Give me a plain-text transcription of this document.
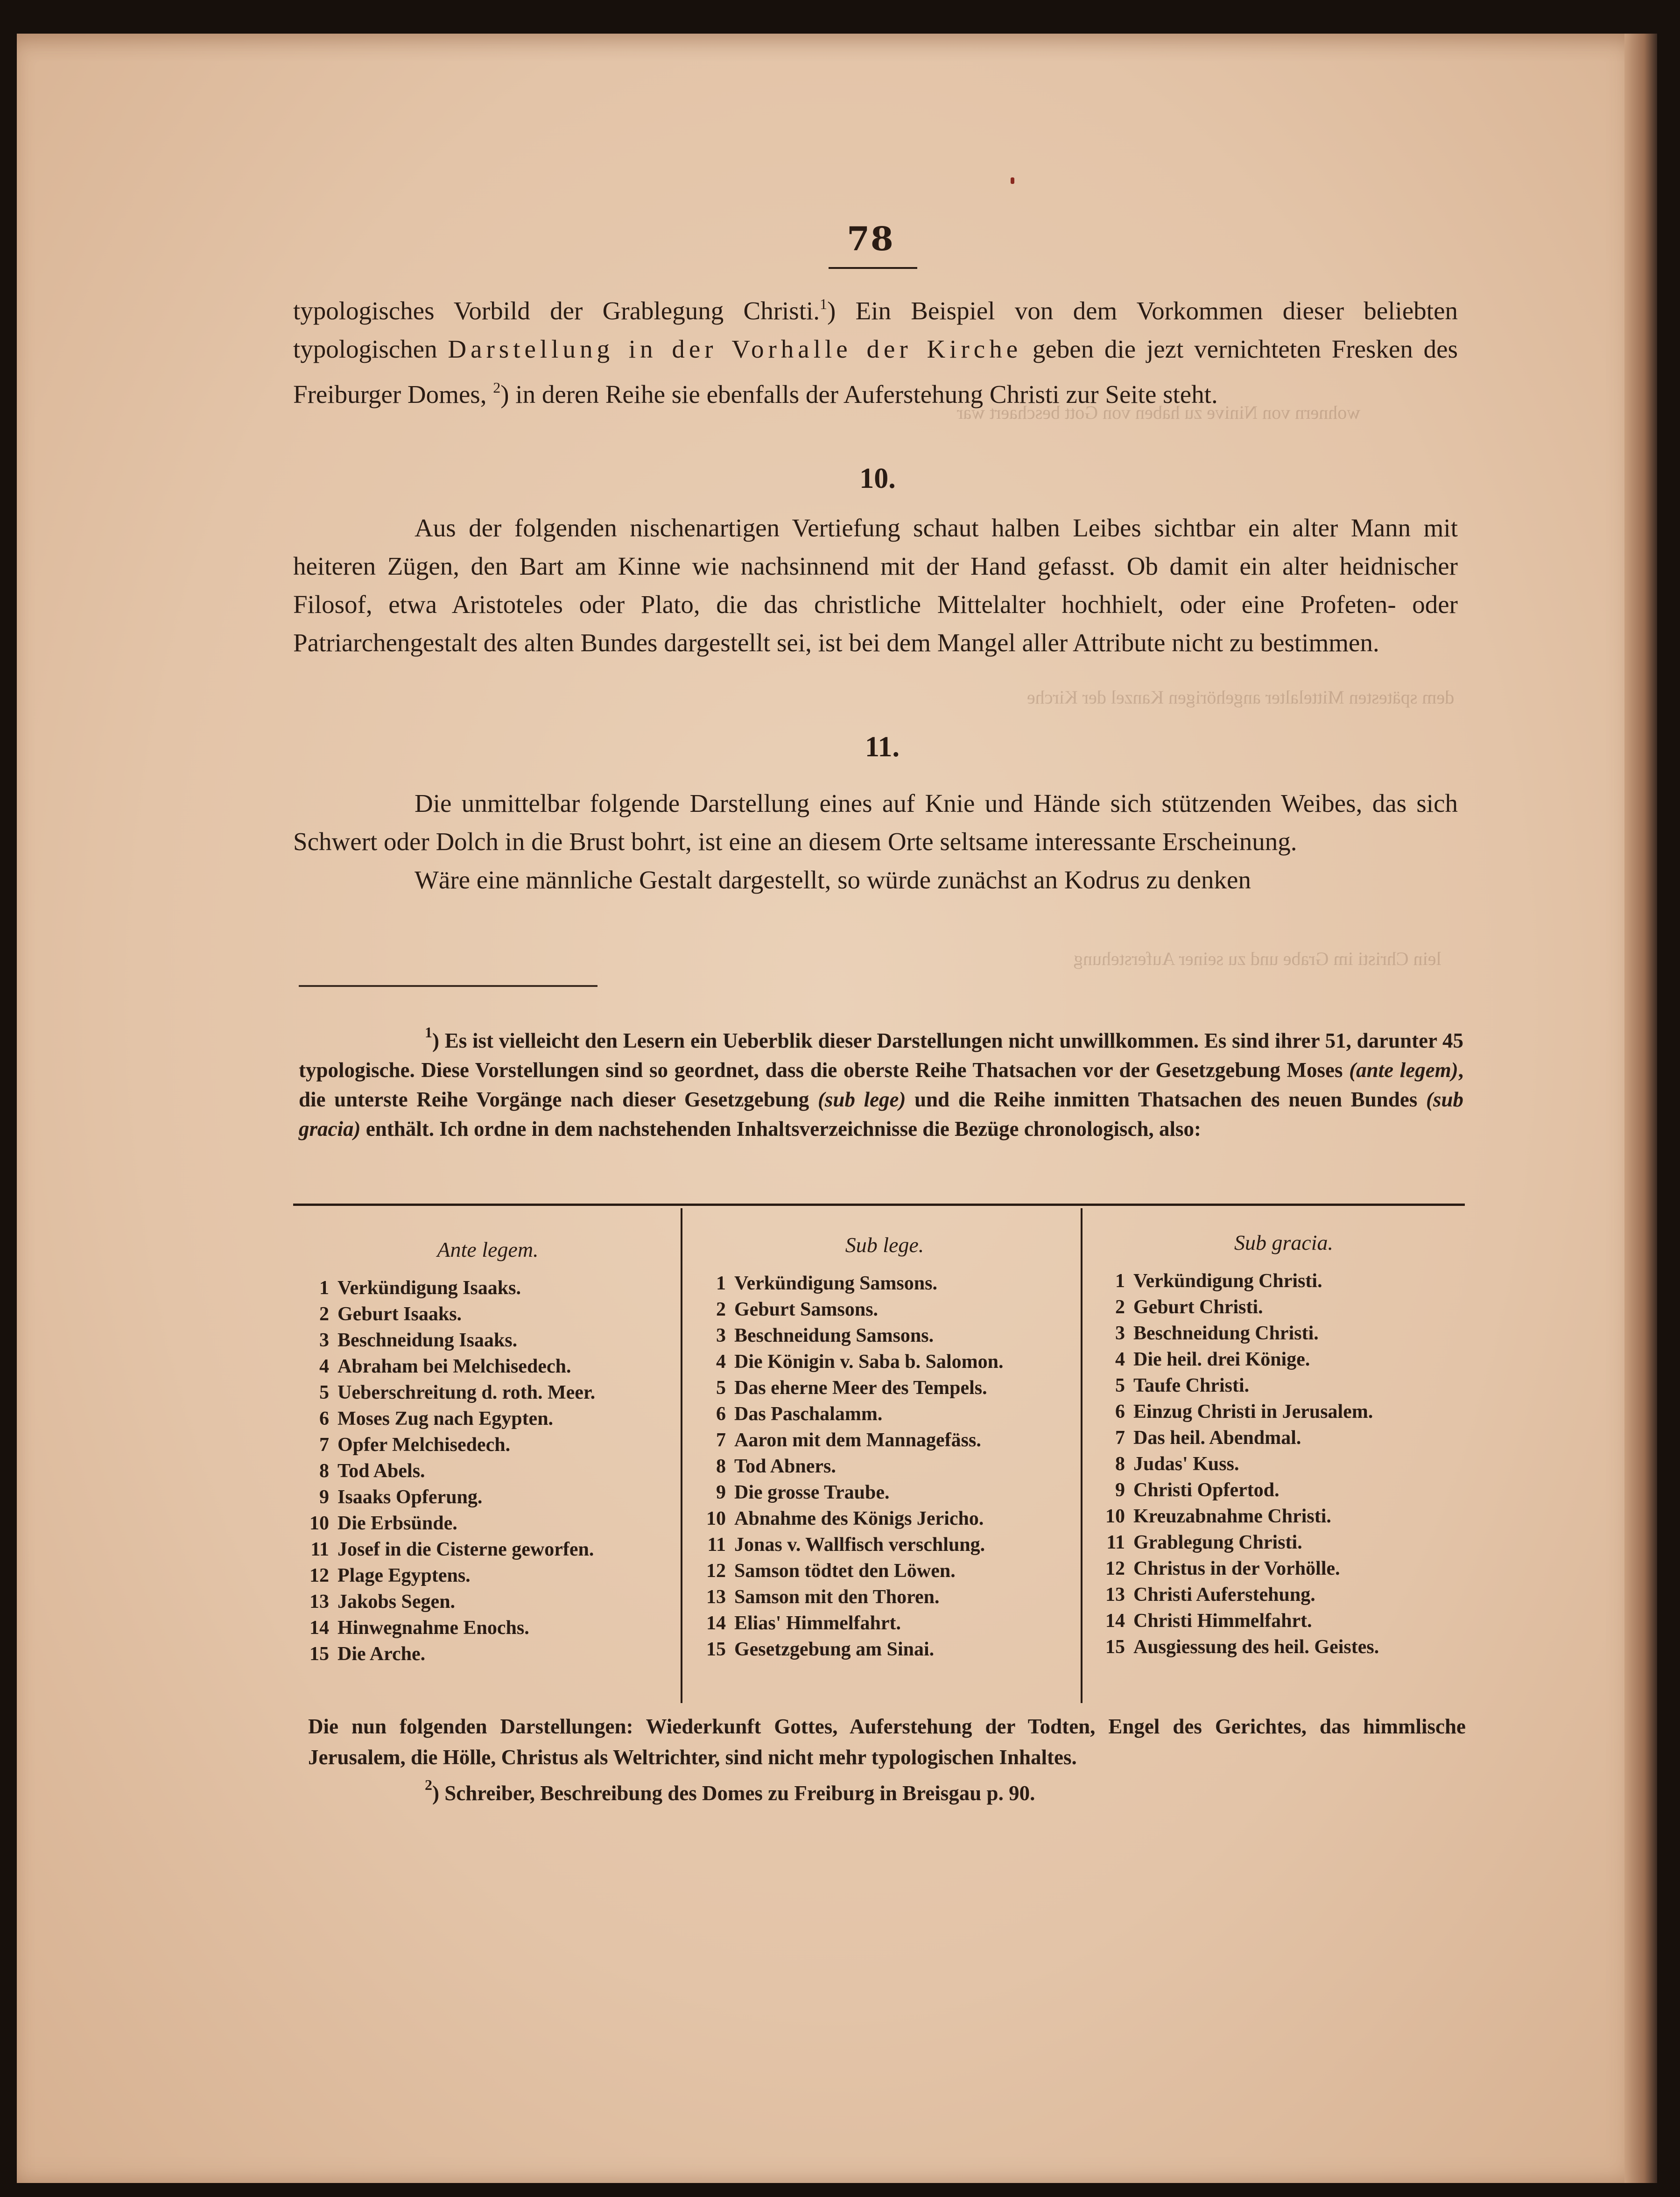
wohnern von Ninive zu haben von Gott beschaert war
dem spätesten Mittelalter angehörigen Kanzel der Kirche
lein Christi im Grabe und zu seiner Auferstehung
78

typologisches Vorbild der Grablegung Christi.$^1$) Ein Beispiel von dem Vorkommen dieser beliebten typologischen Darstellung in der Vorhalle der Kirche geben die jezt vernichteten Fresken des Freiburger Domes, $^2$) in deren Reihe sie ebenfalls der Auferstehung Christi zur Seite steht.

10.

Aus der folgenden nischenartigen Vertiefung schaut halben Leibes sichtbar ein alter Mann mit heiteren Zügen, den Bart am Kinne wie nachsinnend mit der Hand gefasst. Ob damit ein alter heidnischer Filosof, etwa Aristoteles oder Plato, die das christliche Mittelalter hochhielt, oder eine Profeten- oder Patriarchengestalt des alten Bundes dargestellt sei, ist bei dem Mangel aller Attribute nicht zu bestimmen.

11.

Die unmittelbar folgende Darstellung eines auf Knie und Hände sich stützenden Weibes, das sich Schwert oder Dolch in die Brust bohrt, ist eine an diesem Orte seltsame interessante Erscheinung.

Wäre eine männliche Gestalt dargestellt, so würde zunächst an Kodrus zu denken

$^1$) Es ist vielleicht den Lesern ein Ueberblik dieser Darstellungen nicht unwillkommen. Es sind ihrer 51, darunter 45 typologische. Diese Vorstellungen sind so geordnet, dass die oberste Reihe Thatsachen vor der Gesetzgebung Moses (ante legem), die unterste Reihe Vorgänge nach dieser Gesetzgebung (sub lege) und die Reihe inmitten Thatsachen des neuen Bundes (sub gracia) enthält. Ich ordne in dem nachstehenden Inhaltsverzeichnisse die Bezüge chronologisch, also:

Ante legem.
1 Verkündigung Isaaks.
2 Geburt Isaaks.
3 Beschneidung Isaaks.
4 Abraham bei Melchisedech.
5 Ueberschreitung d. roth. Meer.
6 Moses Zug nach Egypten.
7 Opfer Melchisedech.
8 Tod Abels.
9 Isaaks Opferung.
10 Die Erbsünde.
11 Josef in die Cisterne geworfen.
12 Plage Egyptens.
13 Jakobs Segen.
14 Hinwegnahme Enochs.
15 Die Arche.
Sub lege.
1 Verkündigung Samsons.
2 Geburt Samsons.
3 Beschneidung Samsons.
4 Die Königin v. Saba b. Salomon.
5 Das eherne Meer des Tempels.
6 Das Paschalamm.
7 Aaron mit dem Mannagefäss.
8 Tod Abners.
9 Die grosse Traube.
10 Abnahme des Königs Jericho.
11 Jonas v. Wallfisch verschlung.
12 Samson tödtet den Löwen.
13 Samson mit den Thoren.
14 Elias' Himmelfahrt.
15 Gesetzgebung am Sinai.
Sub gracia.
1 Verkündigung Christi.
2 Geburt Christi.
3 Beschneidung Christi.
4 Die heil. drei Könige.
5 Taufe Christi.
6 Einzug Christi in Jerusalem.
7 Das heil. Abendmal.
8 Judas' Kuss.
9 Christi Opfertod.
10 Kreuzabnahme Christi.
11 Grablegung Christi.
12 Christus in der Vorhölle.
13 Christi Auferstehung.
14 Christi Himmelfahrt.
15 Ausgiessung des heil. Geistes.

Die nun folgenden Darstellungen: Wiederkunft Gottes, Auferstehung der Todten, Engel des Gerichtes, das himmlische Jerusalem, die Hölle, Christus als Weltrichter, sind nicht mehr typologischen Inhaltes.

$^2$) Schreiber, Beschreibung des Domes zu Freiburg in Breisgau p. 90.
